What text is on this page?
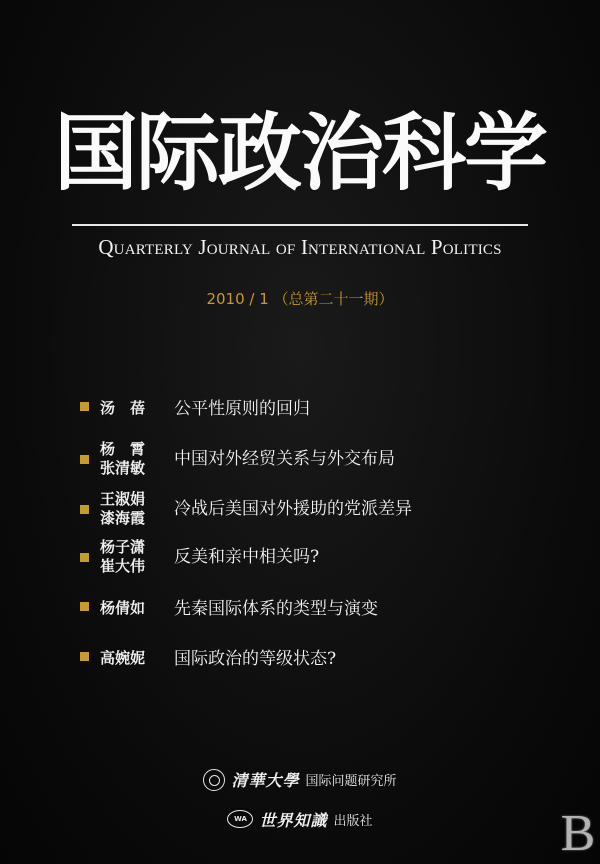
国际政治科学
Quarterly Journal of International Politics
2010 / 1 （总第二十一期）
汤　蓓	公平性原则的回归
杨　霄
张清敏	中国对外经贸关系与外交布局
王淑娟
漆海霞	冷战后美国对外援助的党派差异
杨子潇
崔大伟	反美和亲中相关吗?
杨倩如	先秦国际体系的类型与演变
高婉妮	国际政治的等级状态?
清華大學 国际问题研究所
WA 世界知識 出版社	B
